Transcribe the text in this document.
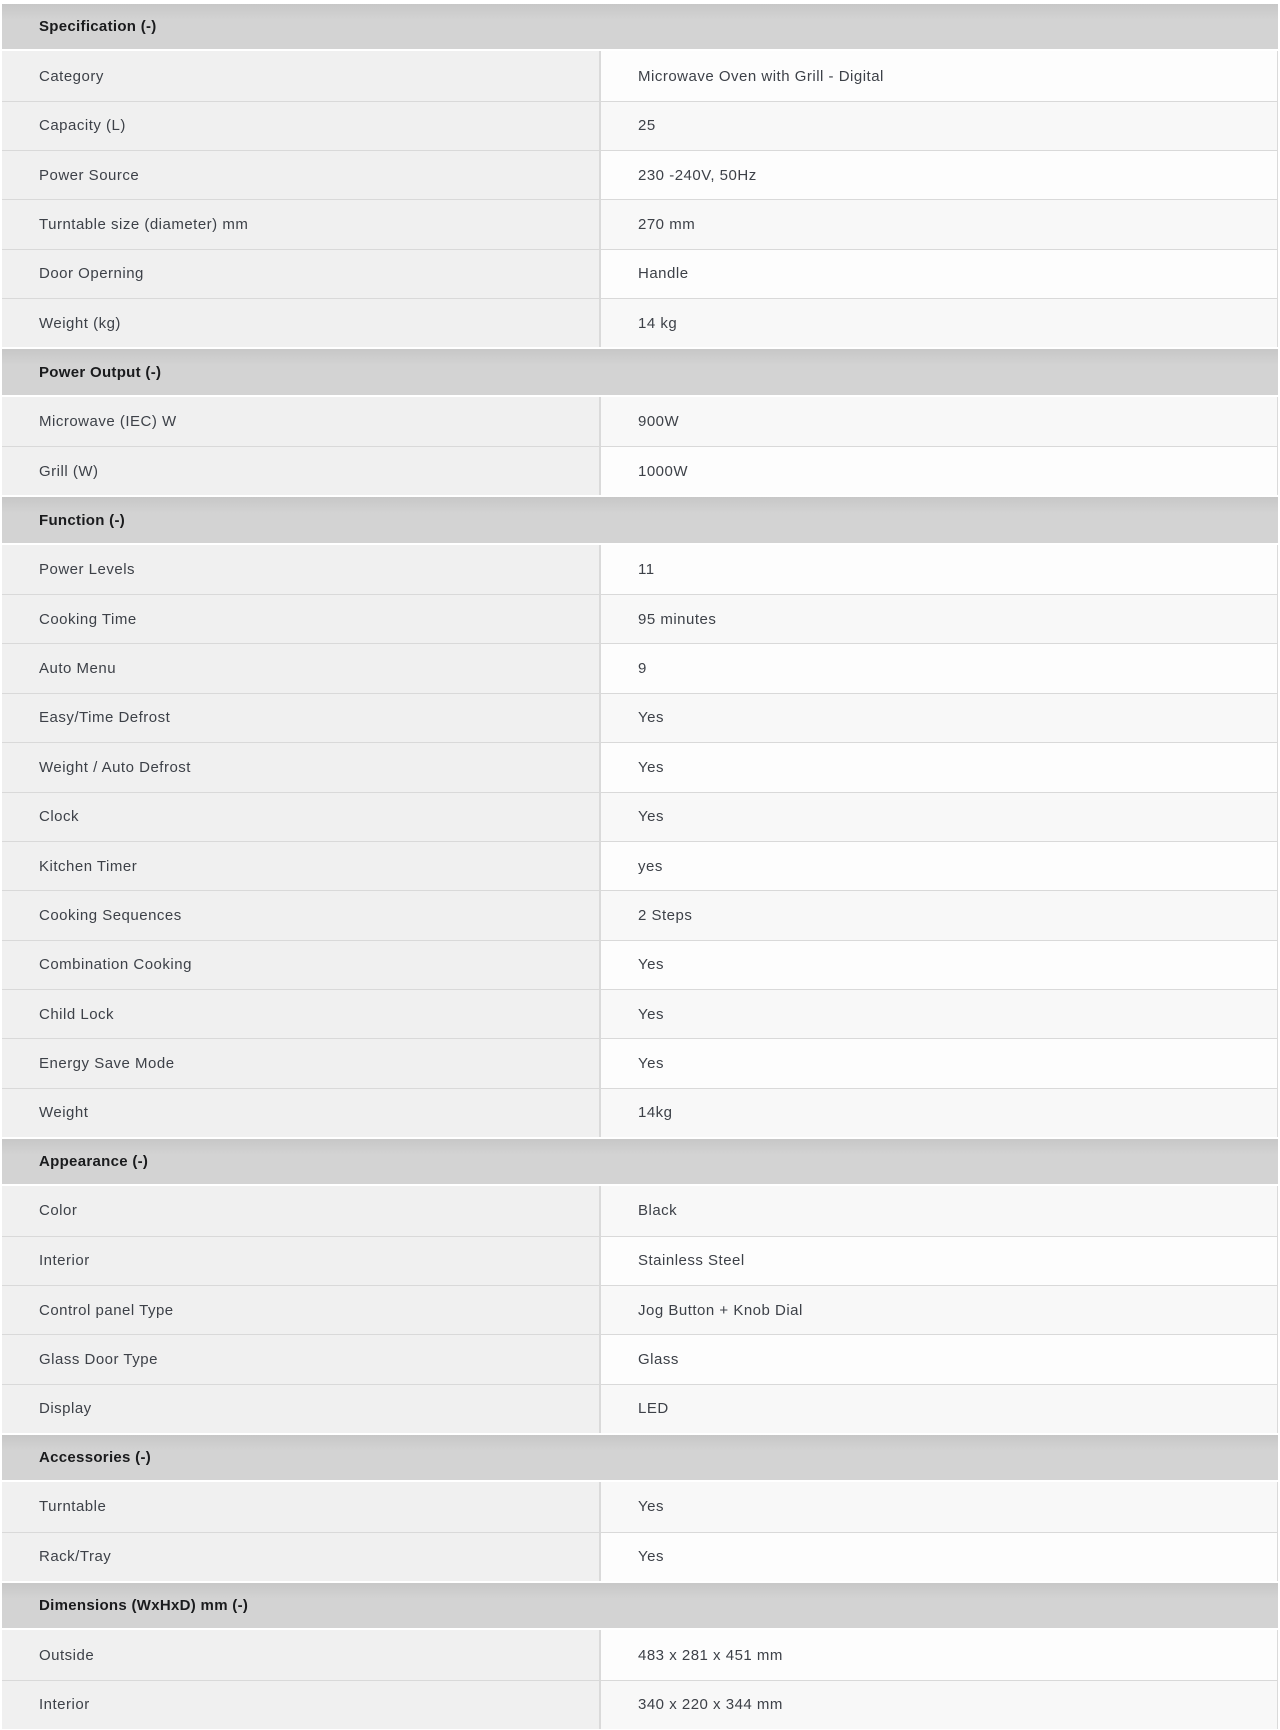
Specification (-)
Category	Microwave Oven with Grill - Digital
Capacity (L)	25
Power Source	230 -240V, 50Hz
Turntable size (diameter) mm	270 mm
Door Operning	Handle
Weight (kg)	14 kg
Power Output (-)
Microwave (IEC) W	900W
Grill (W)	1000W
Function (-)
Power Levels	11
Cooking Time	95 minutes
Auto Menu	9
Easy/Time Defrost	Yes
Weight / Auto Defrost	Yes
Clock	Yes
Kitchen Timer	yes
Cooking Sequences	2 Steps
Combination Cooking	Yes
Child Lock	Yes
Energy Save Mode	Yes
Weight	14kg
Appearance (-)
Color	Black
Interior	Stainless Steel
Control panel Type	Jog Button + Knob Dial
Glass Door Type	Glass
Display	LED
Accessories (-)
Turntable	Yes
Rack/Tray	Yes
Dimensions (WxHxD) mm (-)
Outside	483 x 281 x 451 mm
Interior	340 x 220 x 344 mm
